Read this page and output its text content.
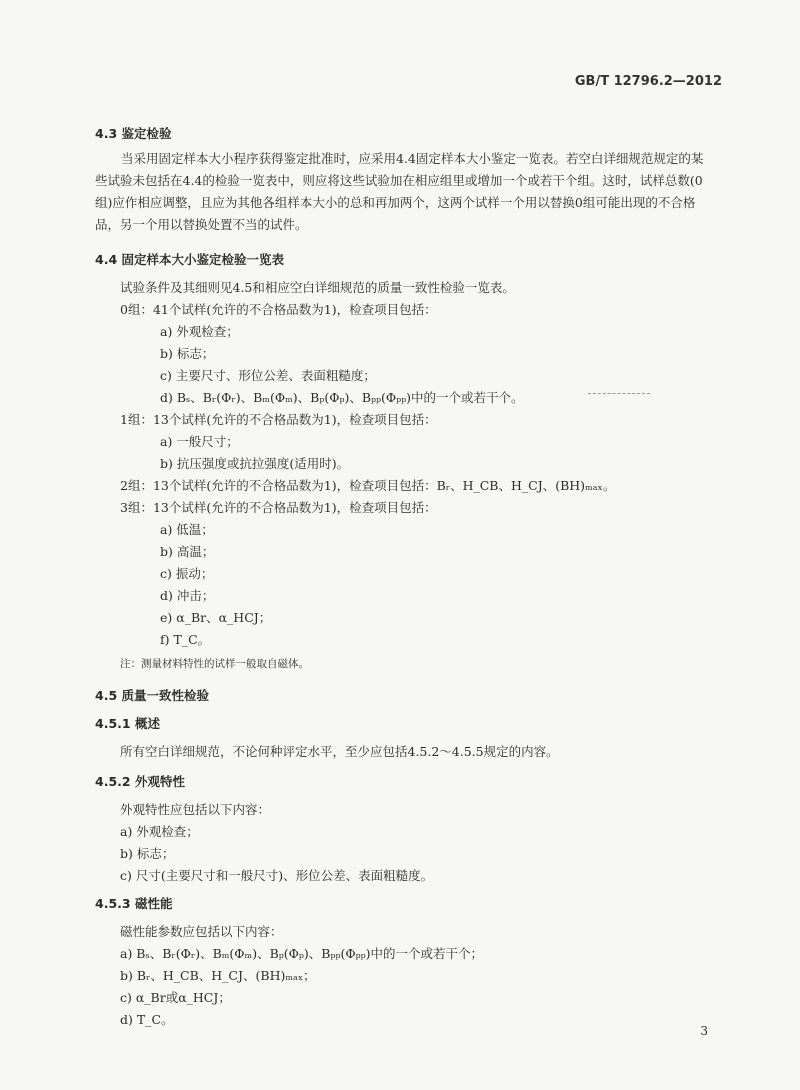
GB/T 12796.2—2012
4.3 鉴定检验
当采用固定样本大小程序获得鉴定批准时，应采用4.4固定样本大小鉴定一览表。若空白详细规范规定的某些试验未包括在4.4的检验一览表中，则应将这些试验加在相应组里或增加一个或若干个组。这时，试样总数(0组)应作相应调整，且应为其他各组样本大小的总和再加两个，这两个试样一个用以替换0组可能出现的不合格品，另一个用以替换处置不当的试件。
4.4 固定样本大小鉴定检验一览表
试验条件及其细则见4.5和相应空白详细规范的质量一致性检验一览表。
0组：41个试样(允许的不合格品数为1)，检查项目包括：
a) 外观检查；
b) 标志；
c) 主要尺寸、形位公差、表面粗糙度；
d) Bₛ、Bᵣ(Φᵣ)、Bₘ(Φₘ)、Bₚ(Φₚ)、Bₚₚ(Φₚₚ)中的一个或若干个。
1组：13个试样(允许的不合格品数为1)，检查项目包括：
a) 一般尺寸；
b) 抗压强度或抗拉强度(适用时)。
2组：13个试样(允许的不合格品数为1)，检查项目包括：Bᵣ、H_CB、H_CJ、(BH)ₘₐₓ。
3组：13个试样(允许的不合格品数为1)，检查项目包括：
a) 低温；
b) 高温；
c) 振动；
d) 冲击；
e) α_Br、α_HCJ；
f) T_C。
注：测量材料特性的试样一般取自磁体。
4.5 质量一致性检验
4.5.1 概述
所有空白详细规范，不论何种评定水平，至少应包括4.5.2～4.5.5规定的内容。
4.5.2 外观特性
外观特性应包括以下内容：
a) 外观检查；
b) 标志；
c) 尺寸(主要尺寸和一般尺寸)、形位公差、表面粗糙度。
4.5.3 磁性能
磁性能参数应包括以下内容：
a) Bₛ、Bᵣ(Φᵣ)、Bₘ(Φₘ)、Bₚ(Φₚ)、Bₚₚ(Φₚₚ)中的一个或若干个；
b) Bᵣ、H_CB、H_CJ、(BH)ₘₐₓ；
c) α_Br或α_HCJ；
d) T_C。
3
